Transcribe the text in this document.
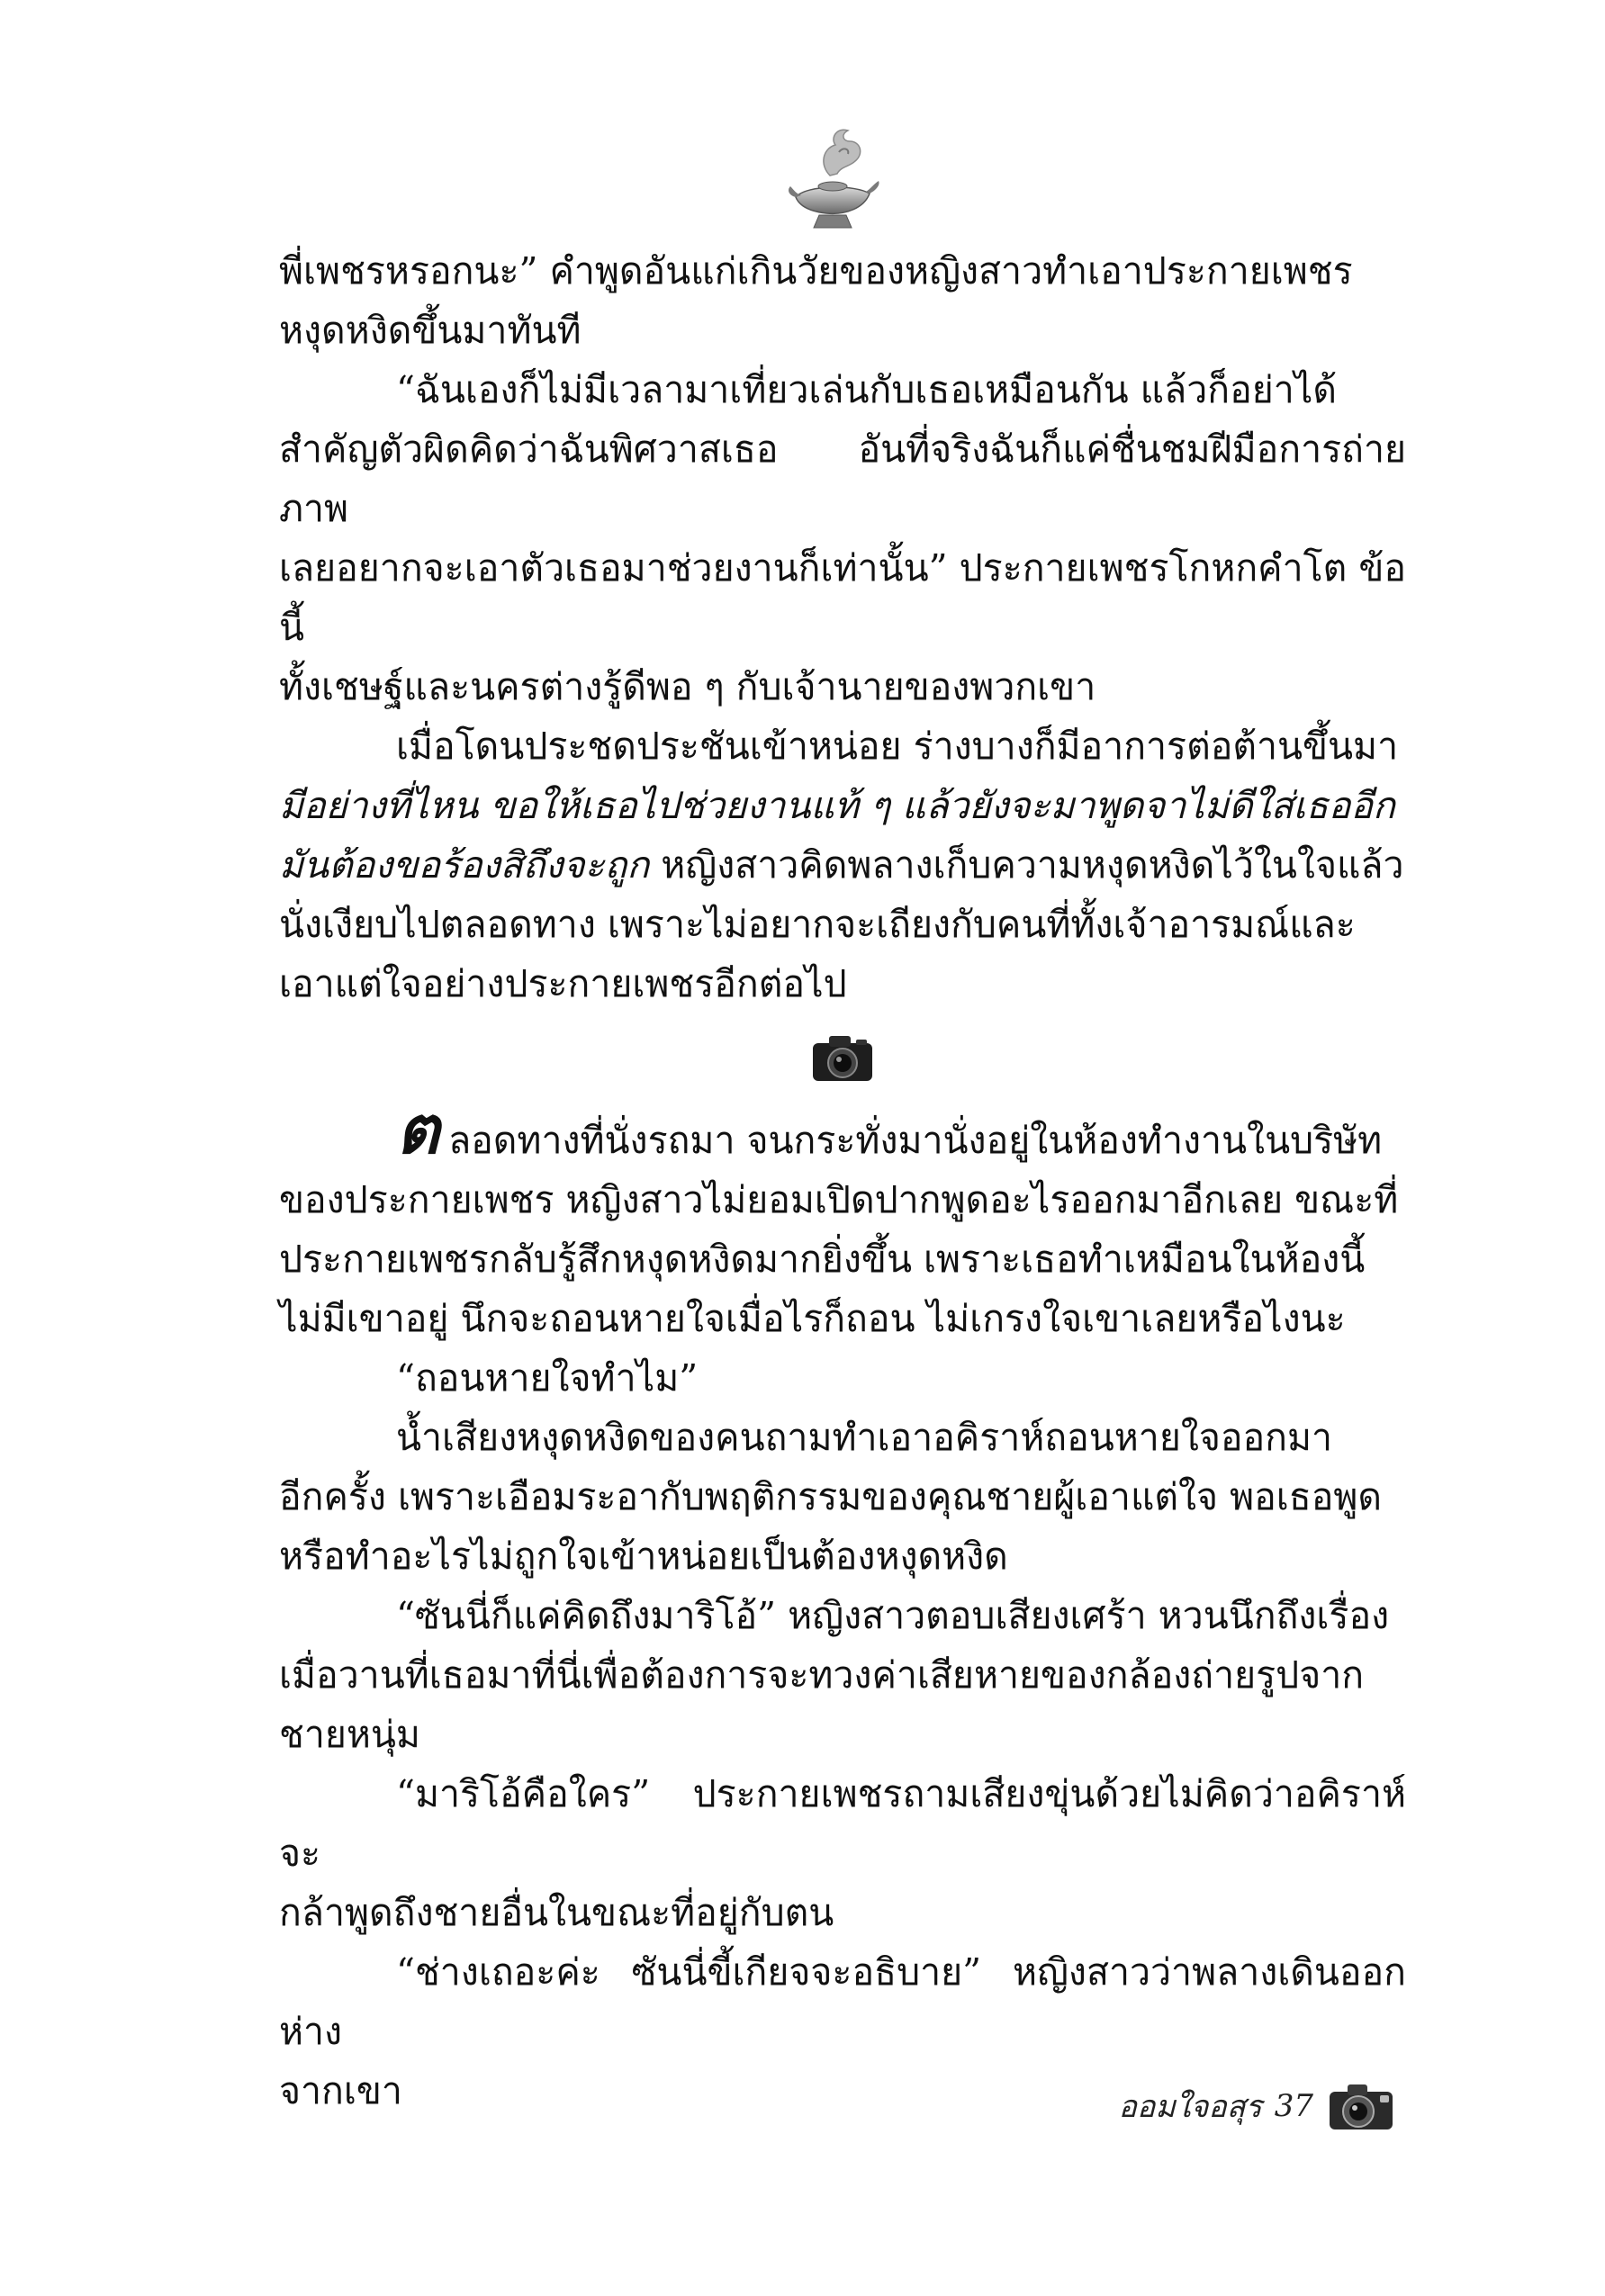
พี่เพชรหรอกนะ” คำพูดอันแก่เกินวัยของหญิงสาวทำเอาประกายเพชร
หงุดหงิดขึ้นมาทันที

“ฉันเองก็ไม่มีเวลามาเที่ยวเล่นกับเธอเหมือนกัน แล้วก็อย่าได้

สำคัญตัวผิดคิดว่าฉันพิศวาสเธอ อันที่จริงฉันก็แค่ชื่นชมฝีมือการถ่ายภาพ
เลยอยากจะเอาตัวเธอมาช่วยงานก็เท่านั้น” ประกายเพชรโกหกคำโต ข้อนี้
ทั้งเชษฐ์และนครต่างรู้ดีพอ ๆ กับเจ้านายของพวกเขา

เมื่อโดนประชดประชันเข้าหน่อย ร่างบางก็มีอาการต่อต้านขึ้นมา

มีอย่างที่ไหน ขอให้เธอไปช่วยงานแท้ ๆ แล้วยังจะมาพูดจาไม่ดีใส่เธออีก
มันต้องขอร้องสิถึงจะถูก หญิงสาวคิดพลางเก็บความหงุดหงิดไว้ในใจแล้ว
นั่งเงียบไปตลอดทาง เพราะไม่อยากจะเถียงกับคนที่ทั้งเจ้าอารมณ์และ
เอาแต่ใจอย่างประกายเพชรอีกต่อไป

ตลอดทางที่นั่งรถมา จนกระทั่งมานั่งอยู่ในห้องทำงานในบริษัท

ของประกายเพชร หญิงสาวไม่ยอมเปิดปากพูดอะไรออกมาอีกเลย ขณะที่
ประกายเพชรกลับรู้สึกหงุดหงิดมากยิ่งขึ้น เพราะเธอทำเหมือนในห้องนี้
ไม่มีเขาอยู่ นึกจะถอนหายใจเมื่อไรก็ถอน ไม่เกรงใจเขาเลยหรือไงนะ

“ถอนหายใจทำไม”

น้ำเสียงหงุดหงิดของคนถามทำเอาอคิราห์ถอนหายใจออกมา

อีกครั้ง เพราะเอือมระอากับพฤติกรรมของคุณชายผู้เอาแต่ใจ พอเธอพูด
หรือทำอะไรไม่ถูกใจเข้าหน่อยเป็นต้องหงุดหงิด

“ซันนี่ก็แค่คิดถึงมาริโอ้” หญิงสาวตอบเสียงเศร้า หวนนึกถึงเรื่อง

เมื่อวานที่เธอมาที่นี่เพื่อต้องการจะทวงค่าเสียหายของกล้องถ่ายรูปจาก
ชายหนุ่ม

“มาริโอ้คือใคร” ประกายเพชรถามเสียงขุ่นด้วยไม่คิดว่าอคิราห์จะ

กล้าพูดถึงชายอื่นในขณะที่อยู่กับตน

“ช่างเถอะค่ะ ซันนี่ขี้เกียจจะอธิบาย” หญิงสาวว่าพลางเดินออกห่าง

จากเขา	ออมใจอสุร 37
